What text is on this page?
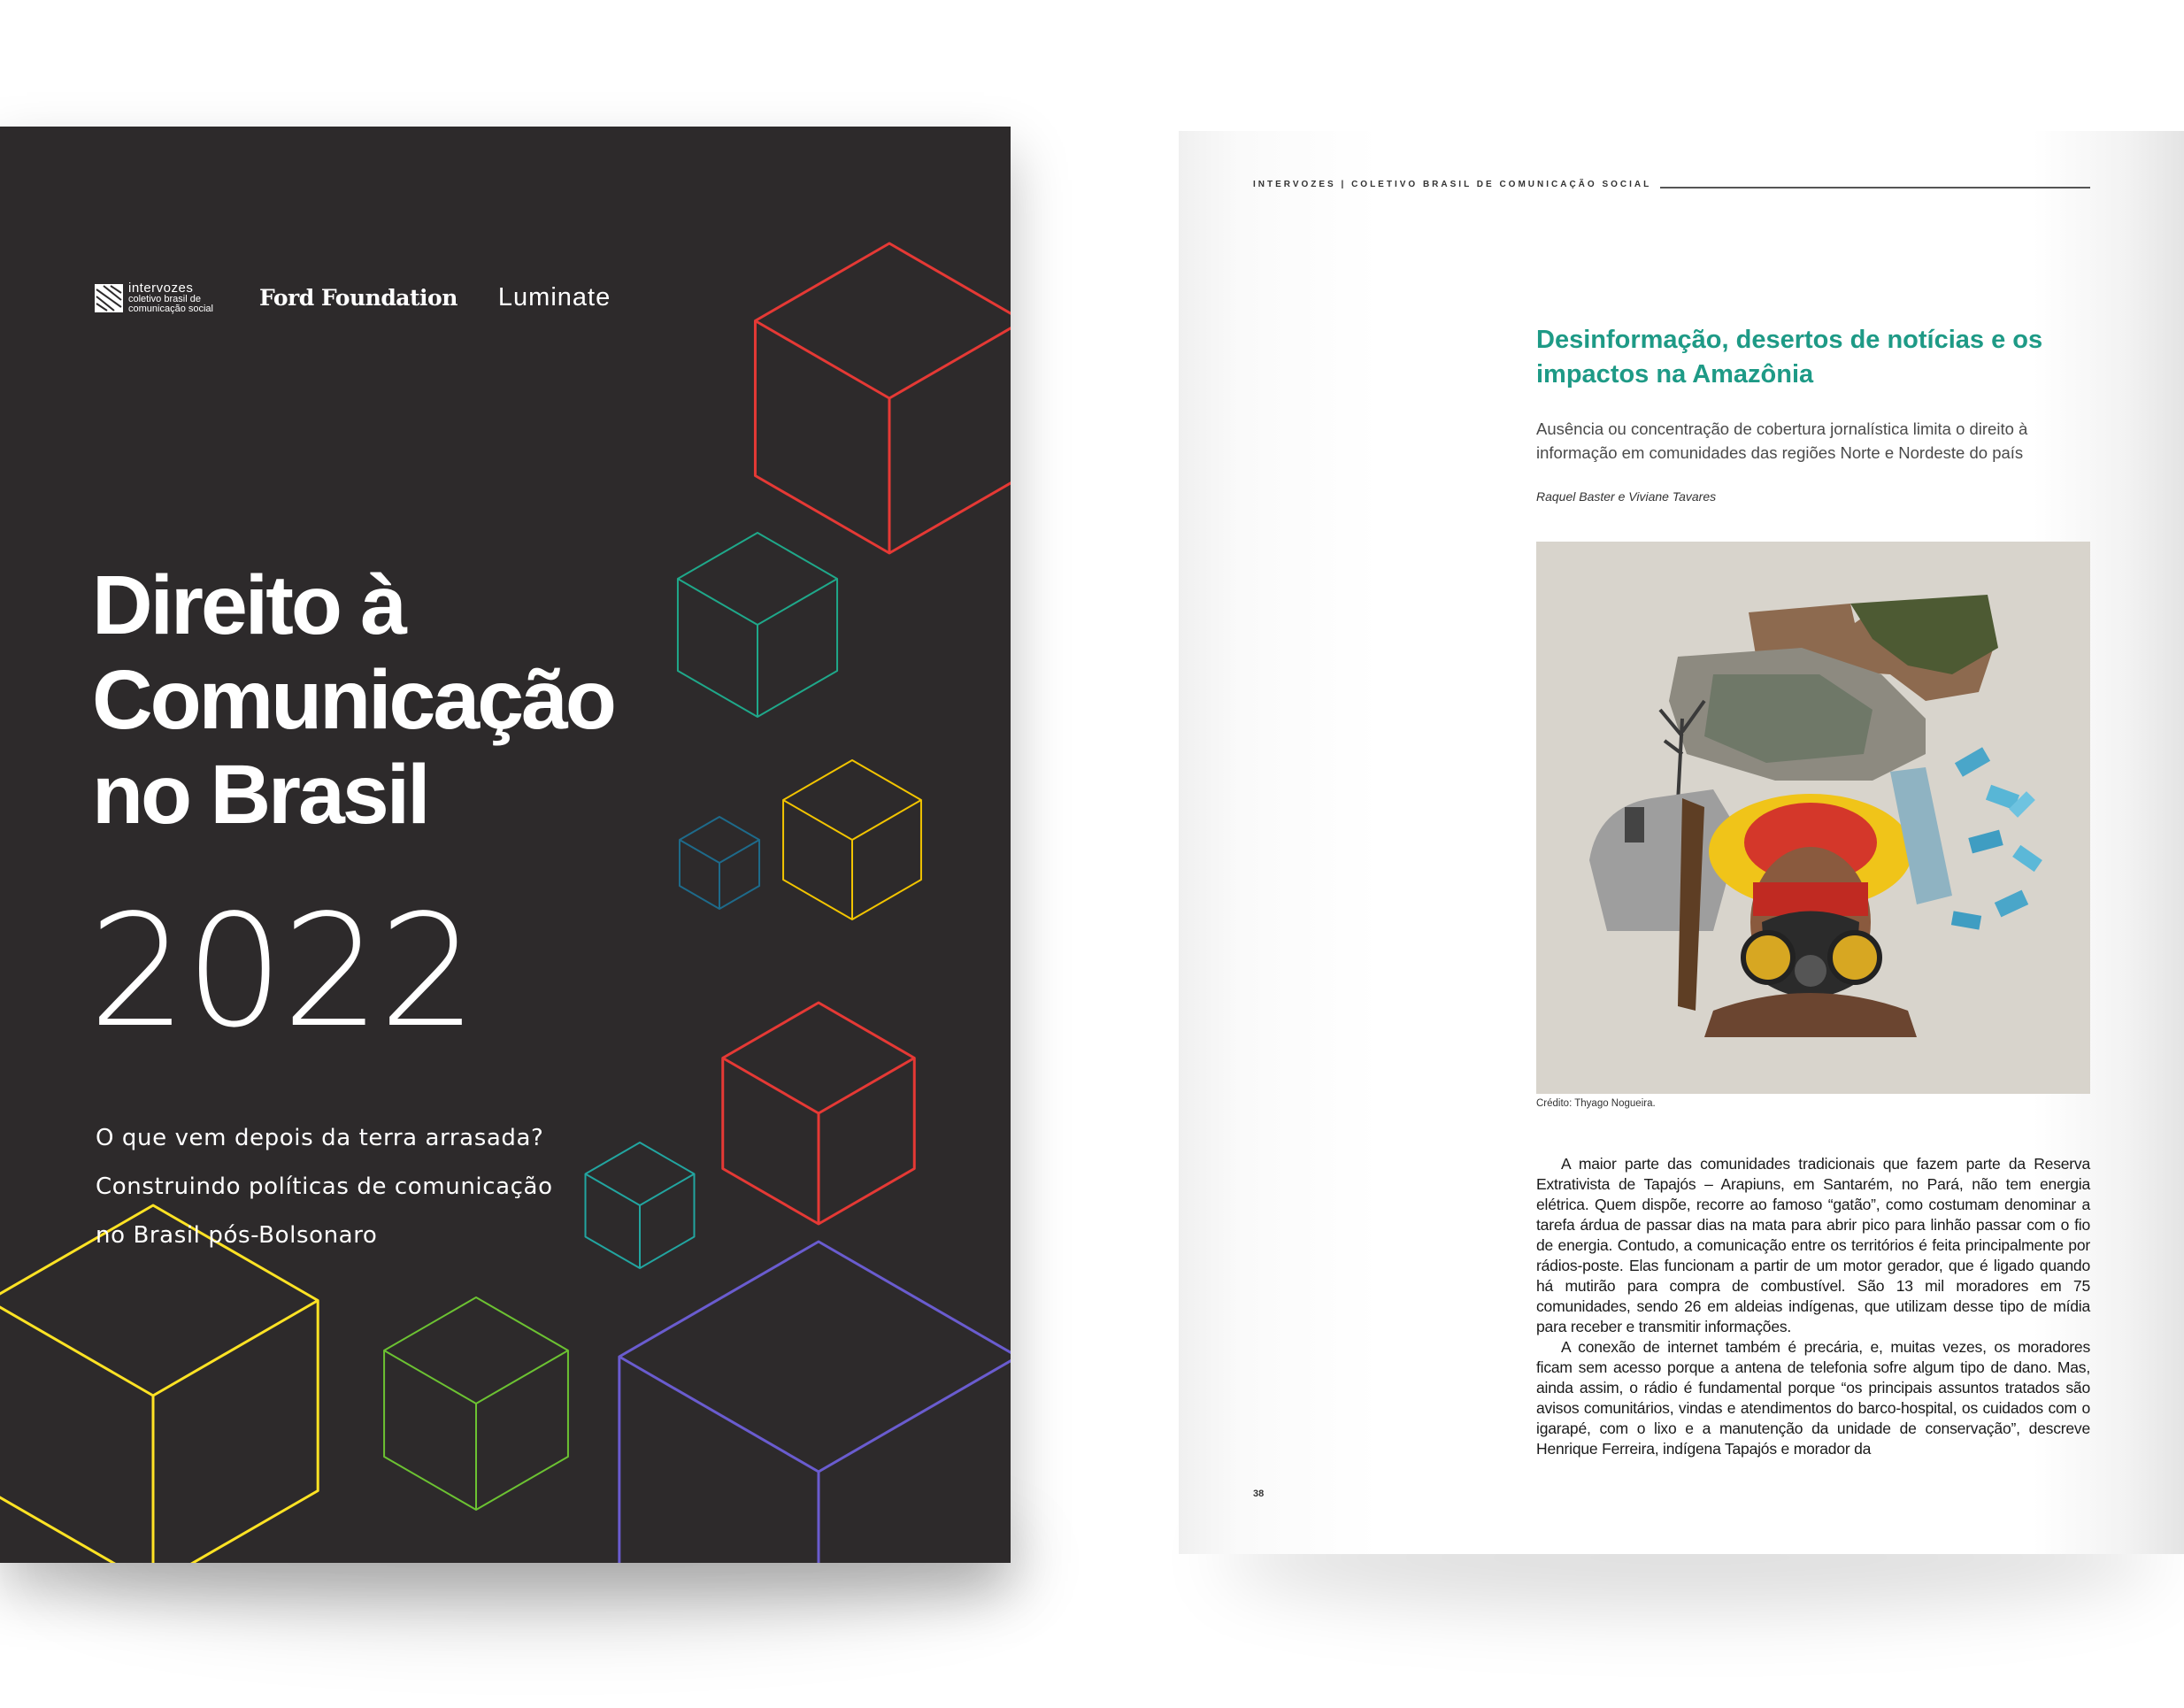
intervozes
coletivo brasil de
comunicação social Ford Foundation Luminate
Direito à
Comunicação
no Brasil
2022
O que vem depois da terra arrasada?
Construindo políticas de comunicação
no Brasil pós-Bolsonaro
INTERVOZES | COLETIVO BRASIL DE COMUNICAÇÃO SOCIAL
Desinformação, desertos de notícias e os impactos na Amazônia
Ausência ou concentração de cobertura jornalística limita o direito à informação em comunidades das regiões Norte e Nordeste do país
Raquel Baster e Viviane Tavares
Crédito: Thyago Nogueira.

A maior parte das comunidades tradicionais que fazem parte da Reserva Extrativista de Tapajós – Arapiuns, em Santarém, no Pará, não tem energia elétrica. Quem dispõe, recorre ao famoso “gatão”, como costumam denominar a tarefa árdua de passar dias na mata para abrir pico para linhão passar com o fio de energia. Contudo, a comunicação entre os territórios é feita principalmente por rádios-poste. Elas funcionam a partir de um motor gerador, que é ligado quando há mutirão para compra de combustível. São 13 mil moradores em 75 comunidades, sendo 26 em aldeias indígenas, que utilizam desse tipo de mídia para receber e transmitir informações.

A conexão de internet também é precária, e, muitas vezes, os moradores ficam sem acesso porque a antena de telefonia sofre algum tipo de dano. Mas, ainda assim, o rádio é fundamental porque “os principais assuntos tratados são avisos comunitários, vindas e atendimentos do barco-hospital, os cuidados com o igarapé, com o lixo e a manutenção da unidade de conservação”, descreve Henrique Ferreira, indígena Tapajós e morador da

38
